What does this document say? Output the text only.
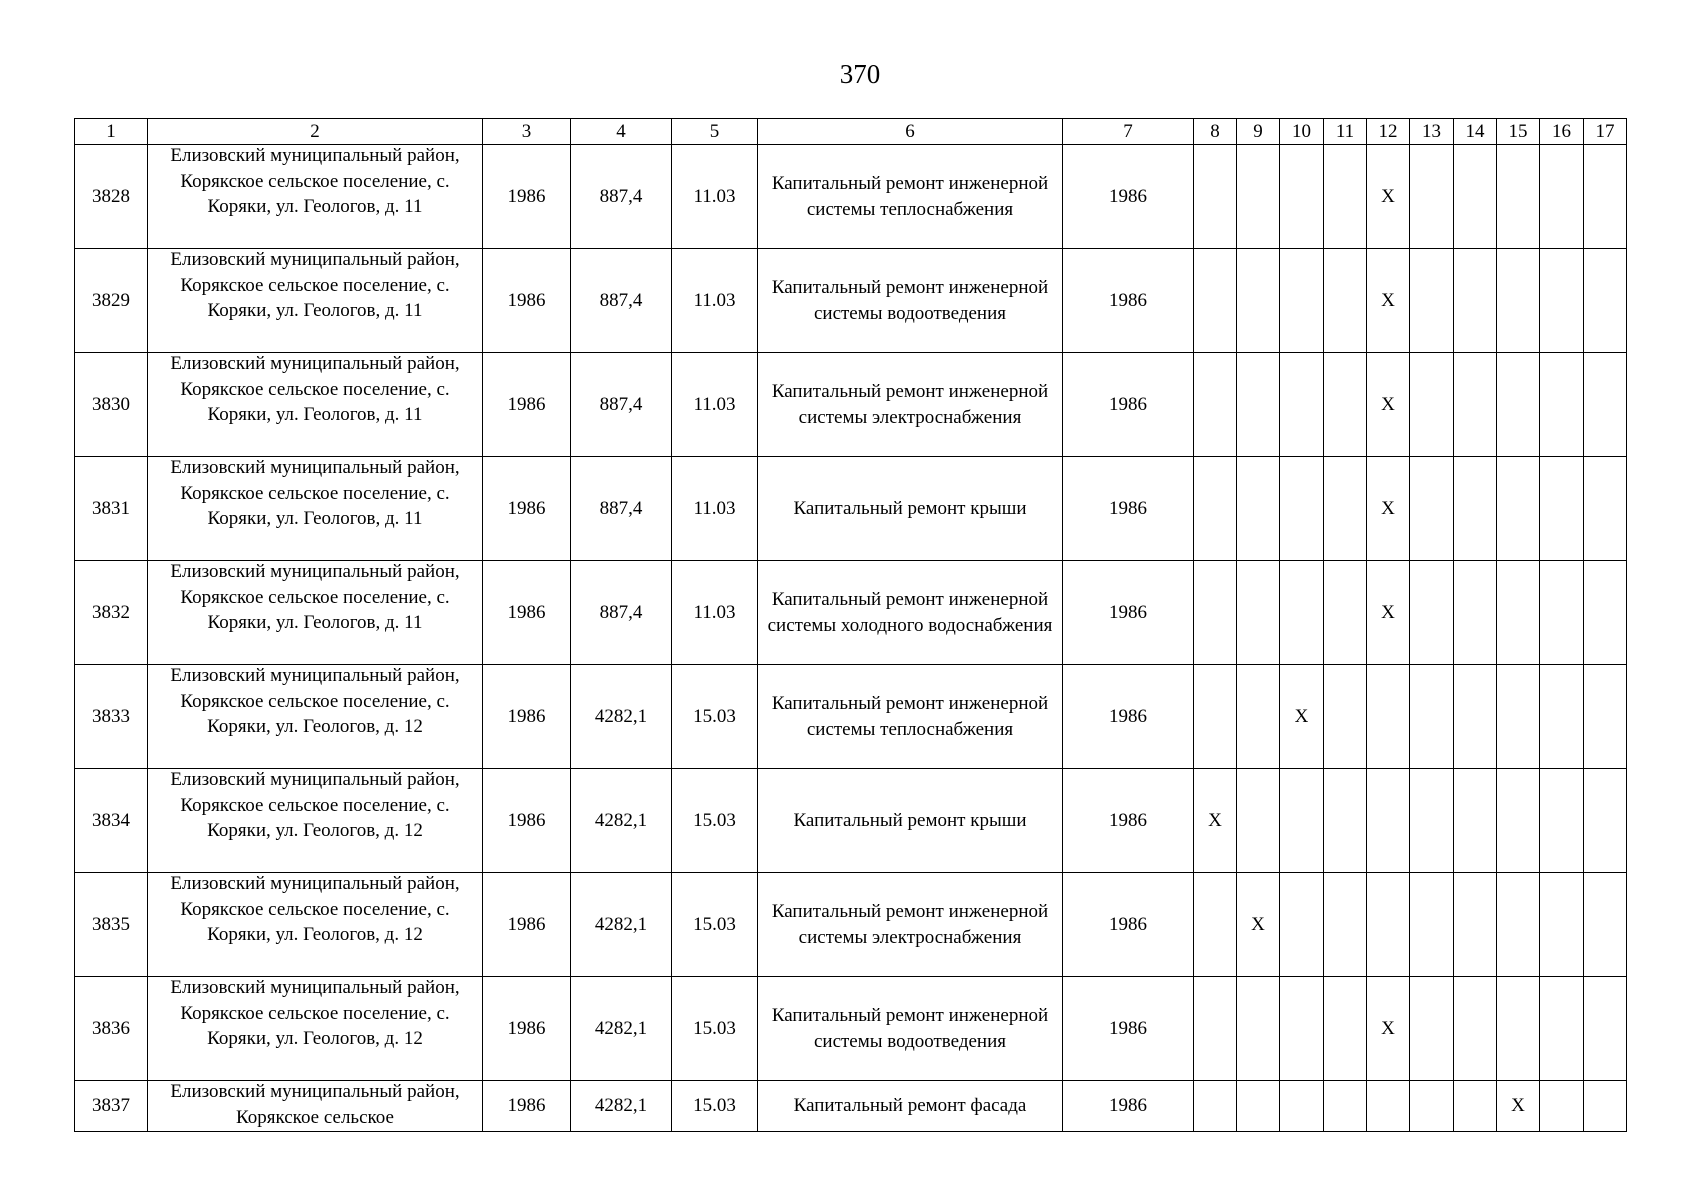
370
1	2	3	4	5	6	7	8	9	10	11	12	13	14	15	16	17
3828	Елизовский муниципальный район, Корякское сельское поселение, с. Коряки, ул. Геологов, д. 11	1986	887,4	11.03	Капитальный ремонт инженерной системы теплоснабжения	1986					X					
3829	Елизовский муниципальный район, Корякское сельское поселение, с. Коряки, ул. Геологов, д. 11	1986	887,4	11.03	Капитальный ремонт инженерной системы водоотведения	1986					X					
3830	Елизовский муниципальный район, Корякское сельское поселение, с. Коряки, ул. Геологов, д. 11	1986	887,4	11.03	Капитальный ремонт инженерной системы электроснабжения	1986					X					
3831	Елизовский муниципальный район, Корякское сельское поселение, с. Коряки, ул. Геологов, д. 11	1986	887,4	11.03	Капитальный ремонт крыши	1986					X					
3832	Елизовский муниципальный район, Корякское сельское поселение, с. Коряки, ул. Геологов, д. 11	1986	887,4	11.03	Капитальный ремонт инженерной системы холодного водоснабжения	1986					X					
3833	Елизовский муниципальный район, Корякское сельское поселение, с. Коряки, ул. Геологов, д. 12	1986	4282,1	15.03	Капитальный ремонт инженерной системы теплоснабжения	1986			X							
3834	Елизовский муниципальный район, Корякское сельское поселение, с. Коряки, ул. Геологов, д. 12	1986	4282,1	15.03	Капитальный ремонт крыши	1986	X									
3835	Елизовский муниципальный район, Корякское сельское поселение, с. Коряки, ул. Геологов, д. 12	1986	4282,1	15.03	Капитальный ремонт инженерной системы электроснабжения	1986		X								
3836	Елизовский муниципальный район, Корякское сельское поселение, с. Коряки, ул. Геологов, д. 12	1986	4282,1	15.03	Капитальный ремонт инженерной системы водоотведения	1986					X					
3837	Елизовский муниципальный район, Корякское сельское	1986	4282,1	15.03	Капитальный ремонт фасада	1986								X		
